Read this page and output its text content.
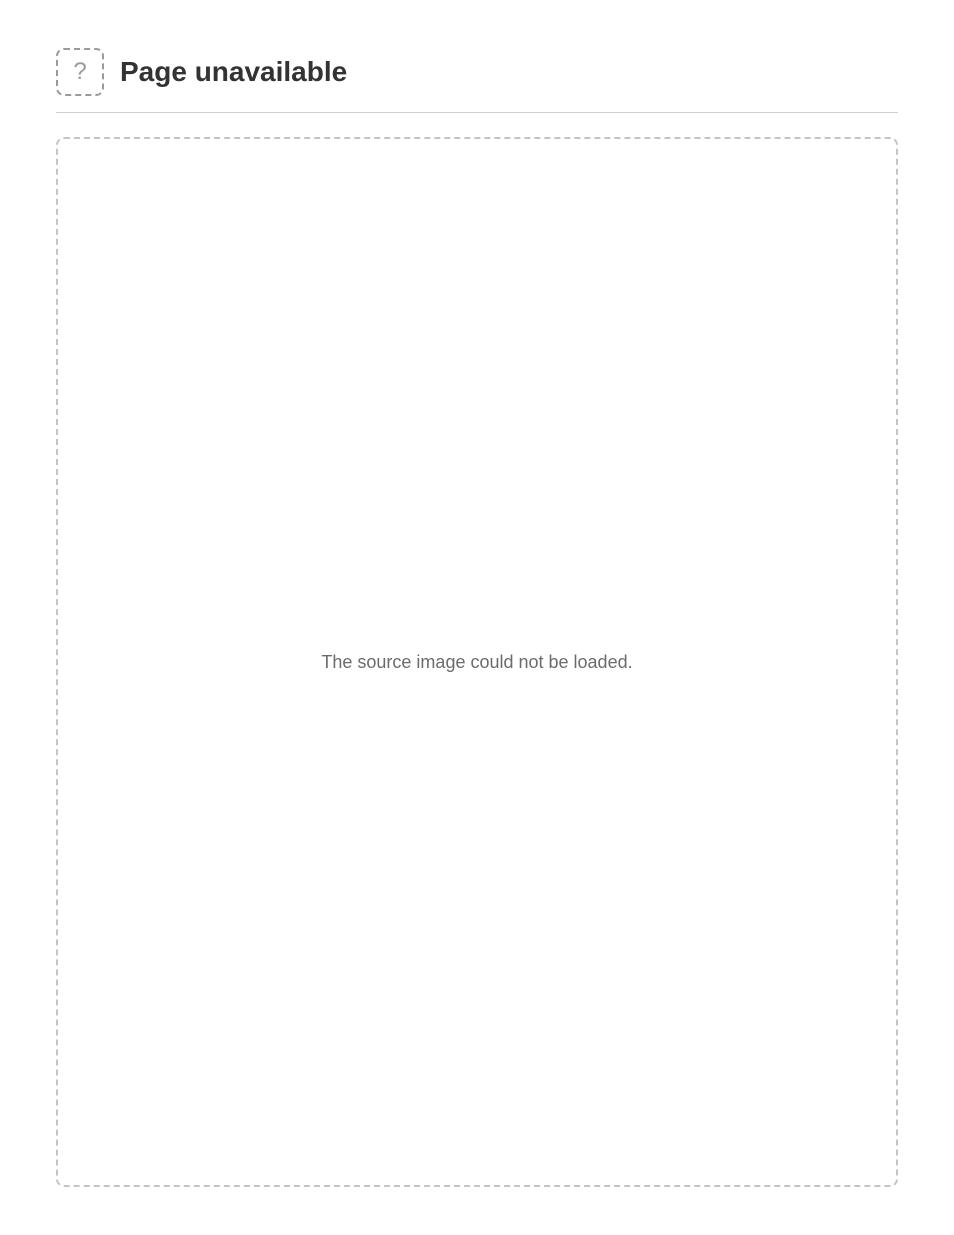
?	Page unavailable

The source image could not be loaded.
